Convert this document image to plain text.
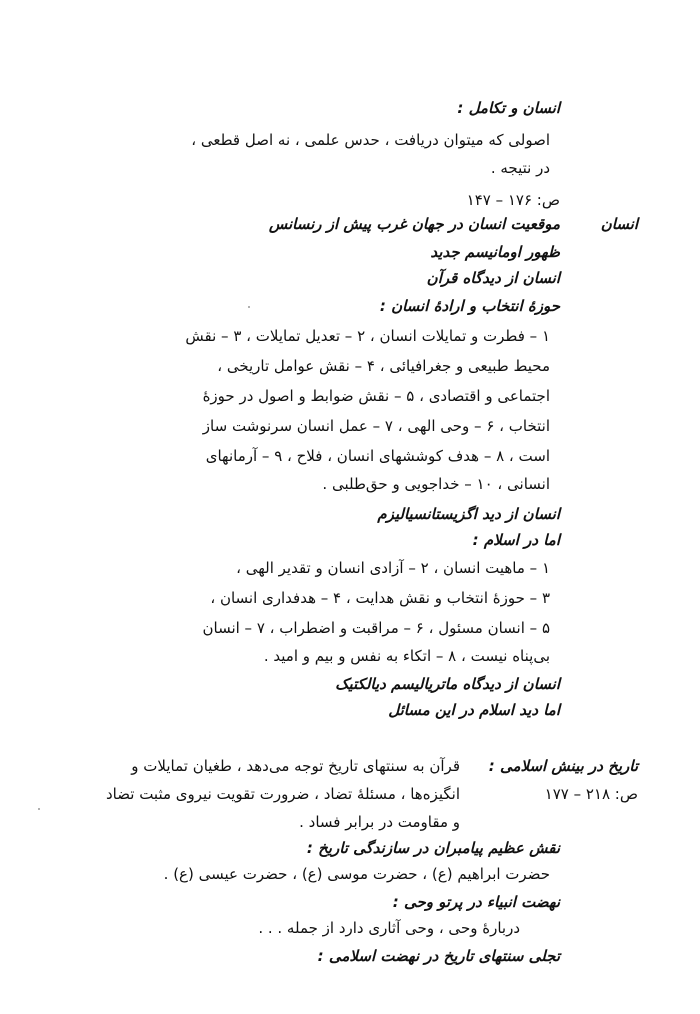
انسان و تکامل :
اصولی که میتوان دریافت ، حدس علمی ، نه اصل قطعی ،
در نتیجه .
ص: ۱۷۶ – ۱۴۷
انسان
موقعیت انسان در جهان غرب پیش از رنسانس
ظهور اومانیسم جدید
انسان از دیدگاه قرآن
حوزهٔ انتخاب و ارادهٔ انسان :
۱ – فطرت و تمایلات انسان ، ۲ – تعدیل تمایلات ، ۳ – نقش
محیط طبیعی و جغرافیائی ، ۴ – نقش عوامل تاریخی ،
اجتماعی و اقتصادی ، ۵ – نقش ضوابط و اصول در حوزهٔ
انتخاب ، ۶ – وحی الهی ، ۷ – عمل انسان سرنوشت ساز
است ، ۸ – هدف کوششهای انسان ، فلاح ، ۹ – آرمانهای
انسانی ، ۱۰ – خداجویی و حق‌طلبی .
انسان از دید اگزیستانسیالیزم
اما در اسلام :
۱ – ماهیت انسان ، ۲ – آزادی انسان و تقدیر الهی ،
۳ – حوزهٔ انتخاب و نقش هدایت ، ۴ – هدفداری انسان ،
۵ – انسان مسئول ، ۶ – مراقبت و اضطراب ، ۷ – انسان
بی‌پناه نیست ، ۸ – اتکاء به نفس و بیم و امید .
انسان از دیدگاه ماتریالیسم دیالکتیک
اما دید اسلام در این مسائل
تاریخ در بینش اسلامی :
ص: ۲۱۸ – ۱۷۷
قرآن به سنتهای تاریخ توجه می‌دهد ، طغیان تمایلات و
انگیزه‌ها ، مسئلهٔ تضاد ، ضرورت تقویت نیروی مثبت تضاد
و مقاومت در برابر فساد .
نقش عظیم پیامبران در سازندگی تاریخ :
حضرت ابراهیم (ع) ، حضرت موسی (ع) ، حضرت عیسی (ع) .
نهضت انبیاء در پرتو وحی :
دربارهٔ وحی ، وحی آثاری دارد از جمله . . .
تجلی سنتهای تاریخ در نهضت اسلامی :
